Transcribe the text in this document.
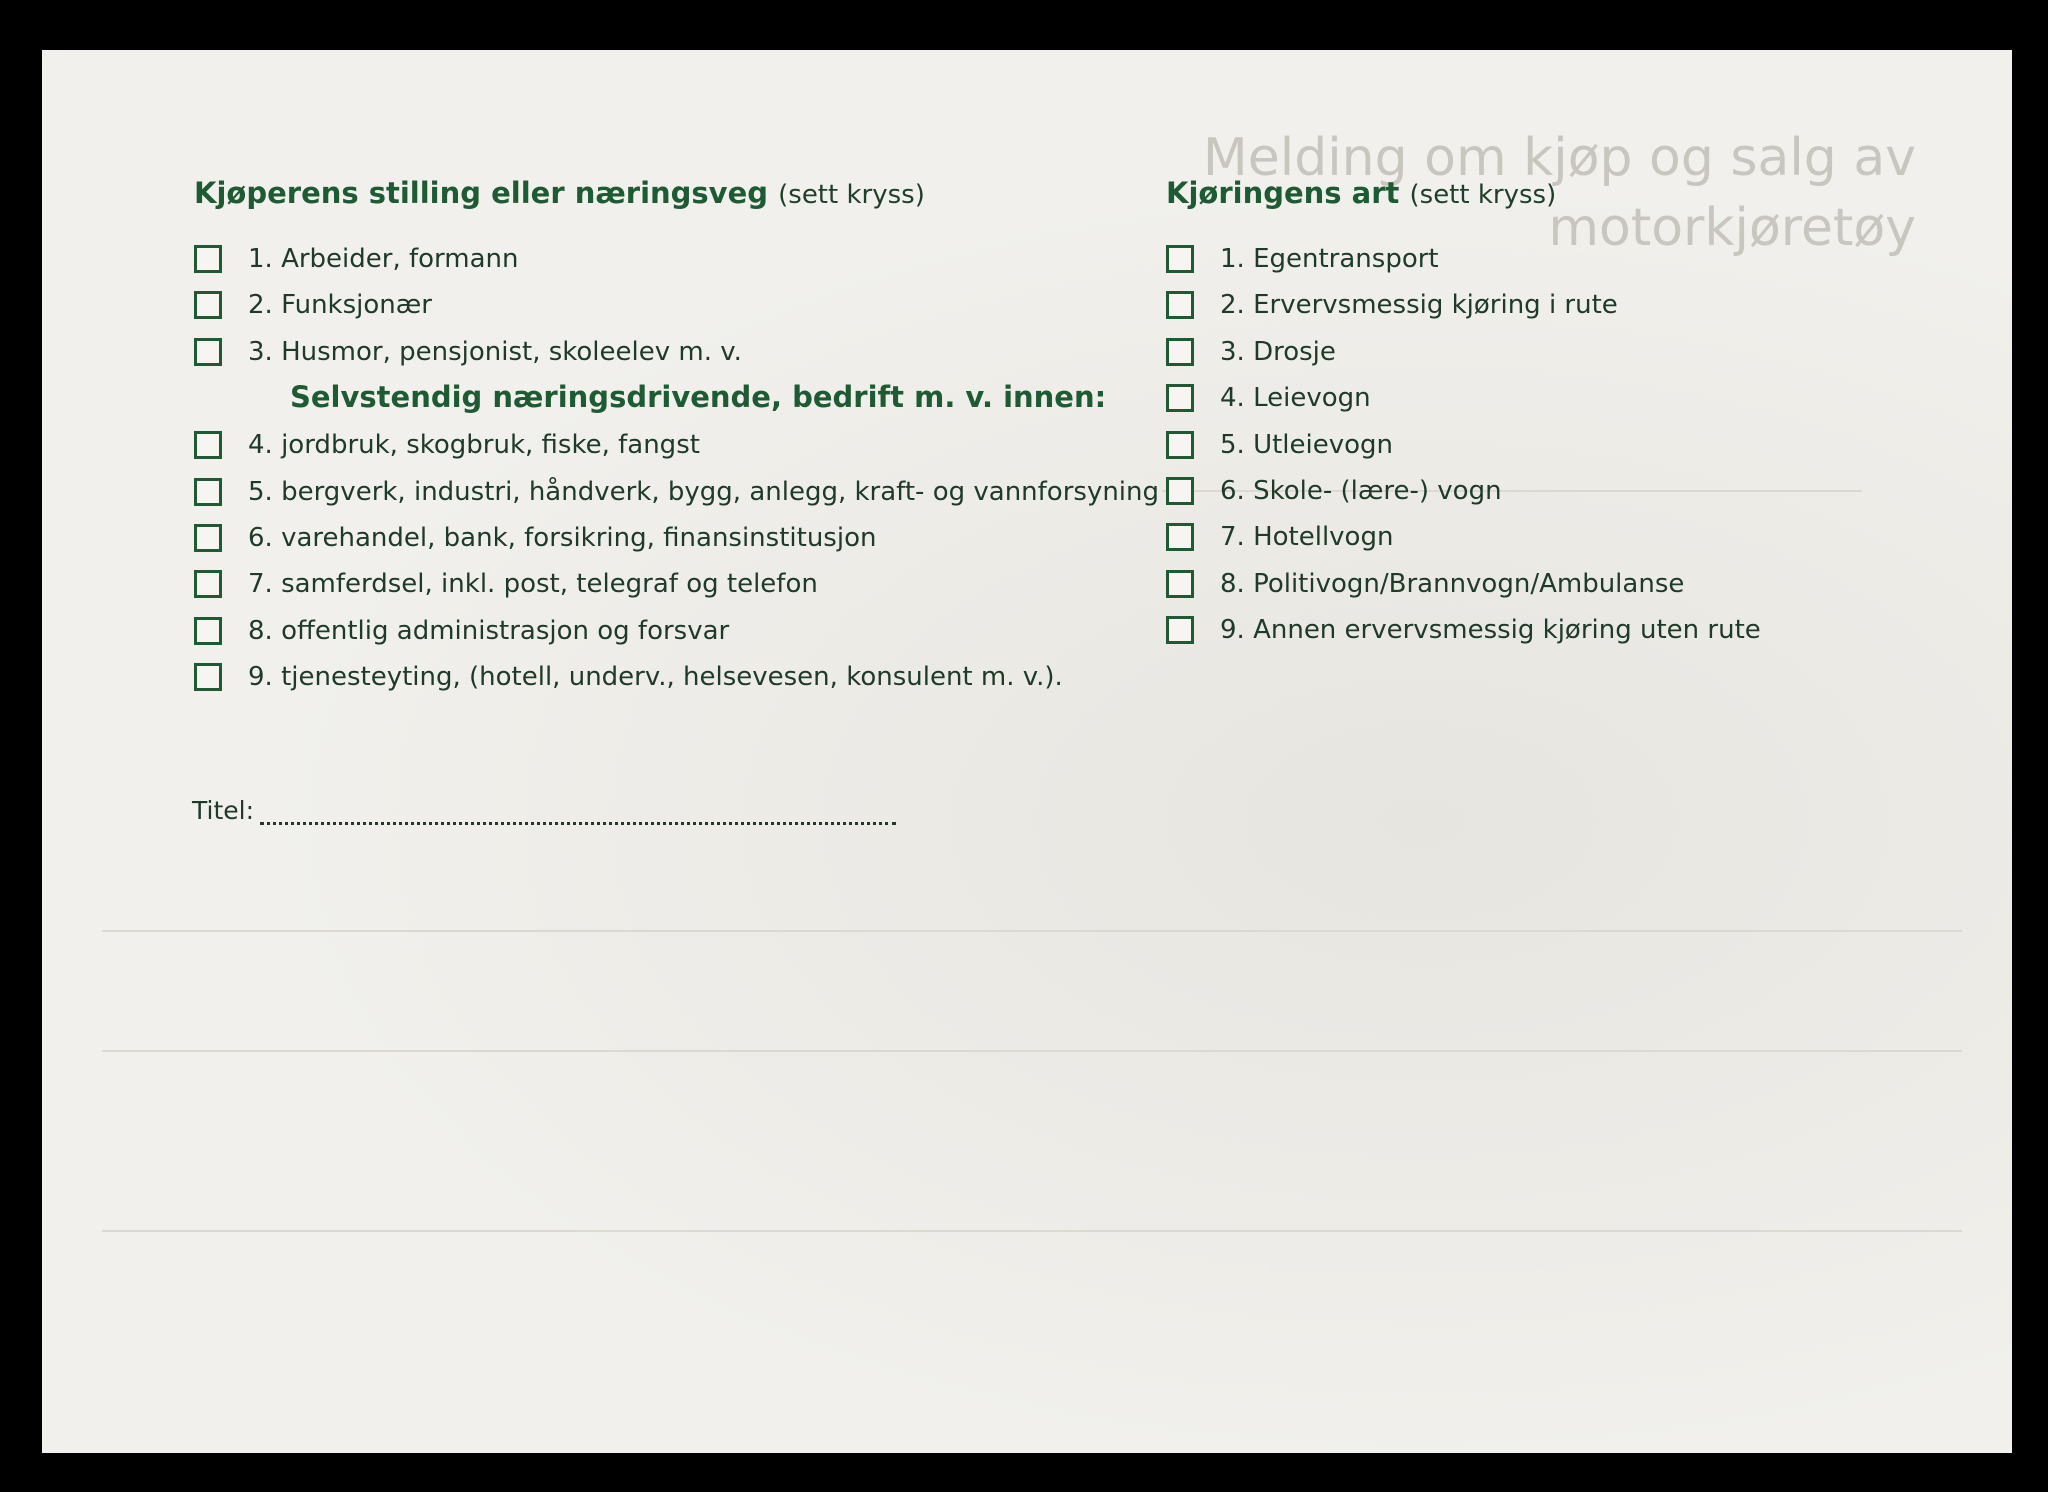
Melding om kjøp og salg av
motorkjøretøy
Kjøperens stilling eller næringsveg (sett kryss)
1. Arbeider, formann
2. Funksjonær
3. Husmor, pensjonist, skoleelev m. v.
Selvstendig næringsdrivende, bedrift m. v. innen:
4. jordbruk, skogbruk, fiske, fangst
5. bergverk, industri, håndverk, bygg, anlegg, kraft- og vannforsyning
6. varehandel, bank, forsikring, finansinstitusjon
7. samferdsel, inkl. post, telegraf og telefon
8. offentlig administrasjon og forsvar
9. tjenesteyting, (hotell, underv., helsevesen, konsulent m. v.).
Titel:
Kjøringens art (sett kryss)
1. Egentransport
2. Ervervsmessig kjøring i rute
3. Drosje
4. Leievogn
5. Utleievogn
6. Skole- (lære-) vogn
7. Hotellvogn
8. Politivogn/Brannvogn/Ambulanse
9. Annen ervervsmessig kjøring uten rute
